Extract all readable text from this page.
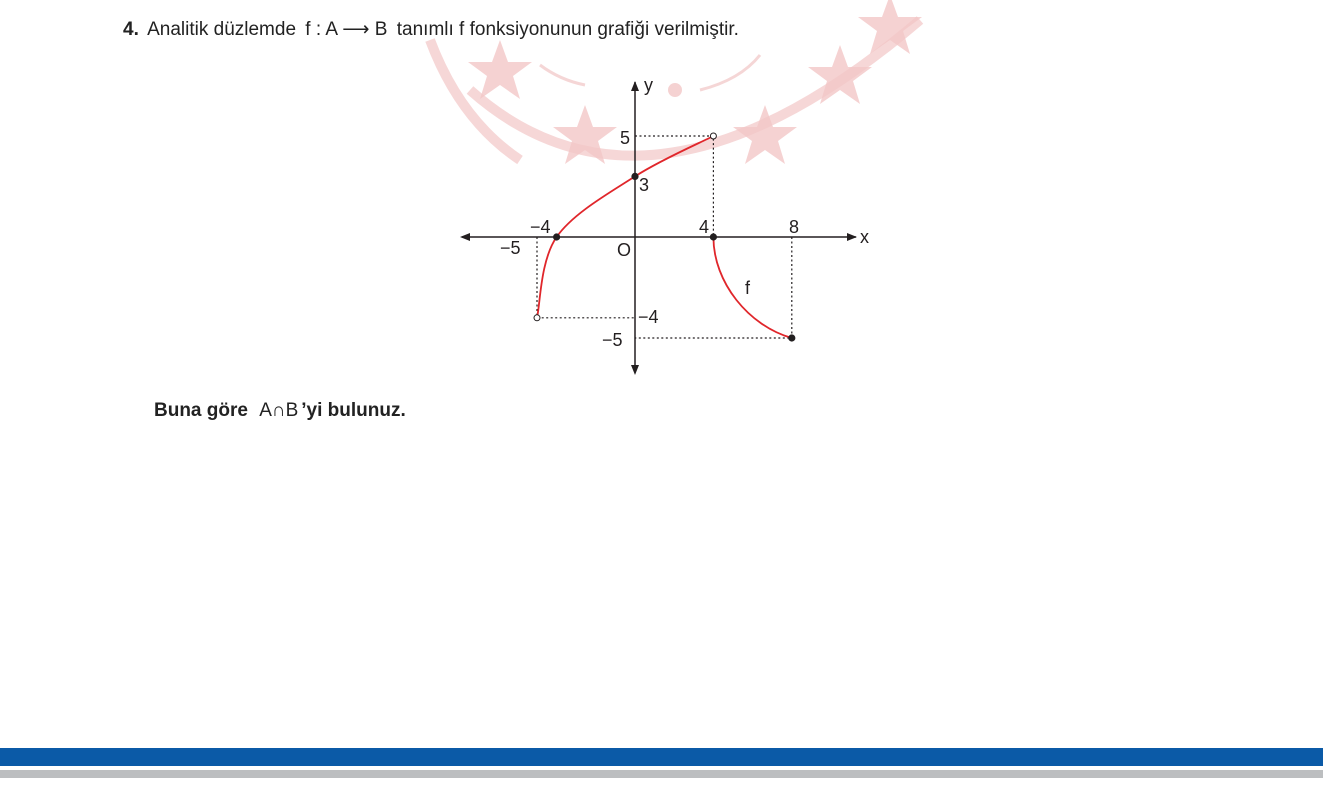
4. Analitik düzlemde f : A ⟶ B tanımlı f fonksiyonunun grafiği verilmiştir.
x
y
O
f
−5
−4	4	8
5
3
−4
−5
Buna göre A∩B ’yi bulunuz.
